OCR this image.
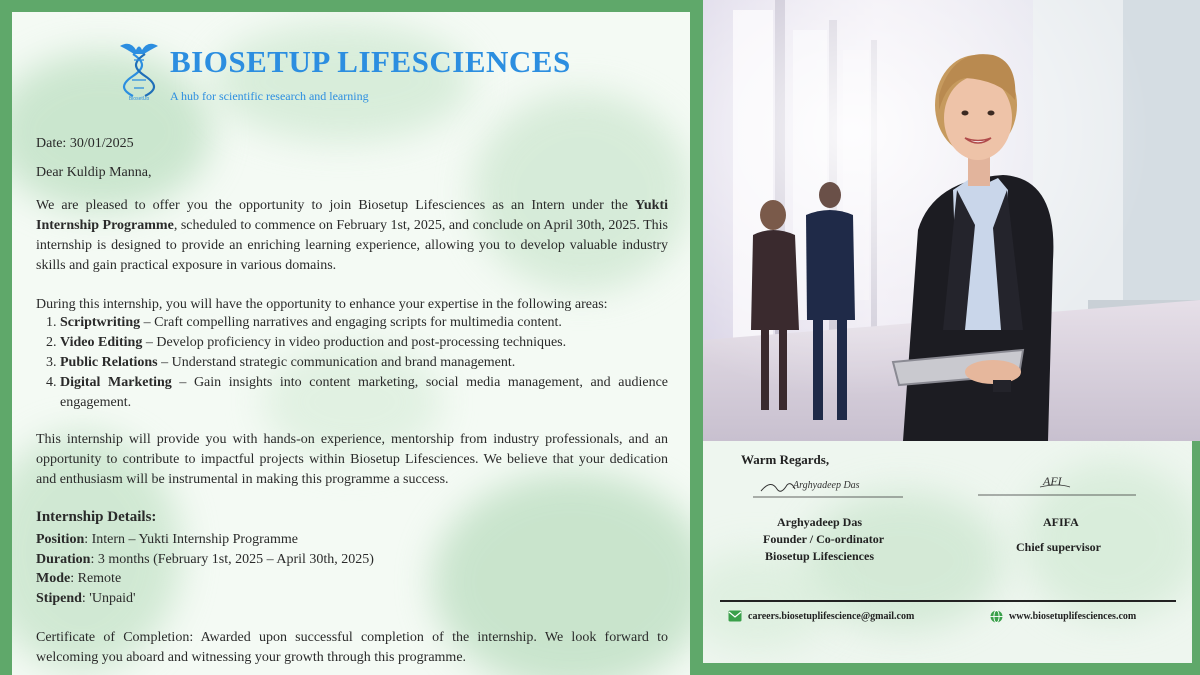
BiosetUp
BIOSETUP LIFESCIENCES
A hub for scientific research and learning
Date: 30/01/2025
Dear Kuldip Manna,
We are pleased to offer you the opportunity to join Biosetup Lifesciences as an Intern under the Yukti Internship Programme, scheduled to commence on February 1st, 2025, and conclude on April 30th, 2025. This internship is designed to provide an enriching learning experience, allowing you to develop valuable industry skills and gain practical exposure in various domains.
During this internship, you will have the opportunity to enhance your expertise in the following areas:
1. Scriptwriting – Craft compelling narratives and engaging scripts for multimedia content.
2. Video Editing – Develop proficiency in video production and post-processing techniques.
3. Public Relations – Understand strategic communication and brand management.
4. Digital Marketing – Gain insights into content marketing, social media management, and audience engagement.
This internship will provide you with hands-on experience, mentorship from industry professionals, and an opportunity to contribute to impactful projects within Biosetup Lifesciences. We believe that your dedication and enthusiasm will be instrumental in making this programme a success.
Internship Details:
Position: Intern – Yukti Internship Programme
Duration: 3 months (February 1st, 2025 – April 30th, 2025)
Mode: Remote
Stipend: 'Unpaid'
Certificate of Completion: Awarded upon successful completion of the internship. We look forward to welcoming you aboard and witnessing your growth through this programme.
Warm Regards,
Arghyadeep Das	AFI
Arghyadeep Das
Founder / Co-ordinator
Biosetup Lifesciences
AFIFA
Chief supervisor
careers.biosetuplifescience@gmail.com	www.biosetuplifesciences.com
